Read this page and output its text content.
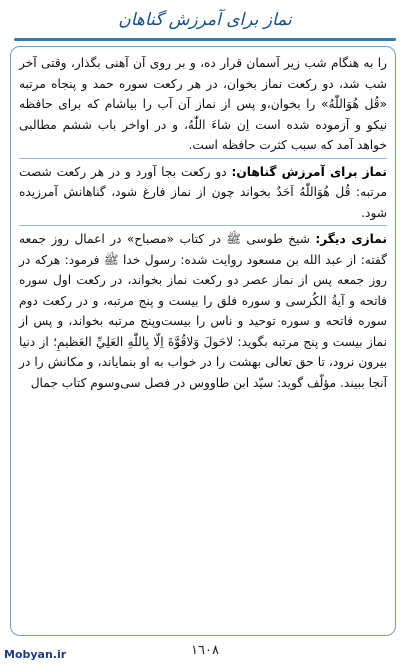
نماز برای آمرزش گناهان

را به هنگام شب زیر آسمان قرار ده، و بر روی آن آهنی بگذار، وقتی آخر شب شد، دو رکعت نماز بخوان، در هر رکعت سوره حمد و پنجاه مرتبه «قُل هُوَاللّٰهُ» را بخوان،و پس از نماز آن آب را بیاشام که برای حافظه نیکو و آزموده شده است اِن شاءَ اللّٰهُ، و در اواخر باب ششم مطالبی خواهد آمد که سبب کثرت حافظه است.

نماز برای آمرزش گناهان: دو رکعت بجا آورد و در هر رکعت شصت مرتبه: قُل هُوَاللّٰهُ اَحَدٌ بخواند چون از نماز فارغ شود، گناهانش آمرزیده شود.

نمازی دیگر: شیخ طوسی ﷺ در کتاب «مصباح» در اعمال روز جمعه گفته: از عبد الله بن مسعود روایت شده: رسول خدا ﷺ فرمود: هرکه در روز جمعه پس از نماز عصر دو رکعت نماز بخواند، در رکعت اول سوره فاتحه و آیةُ الکُرسی و سوره فلق را بیست و پنج مرتبه، و در رکعت دوم سوره فاتحه و سوره توحید و ناس را بیست‌وپنج مرتبه بخواند، و پس از نماز بیست و پنج مرتبه بگوید: لاحَولَ وَلاقُوَّةَ اِلّا بِاللّٰهِ العَلِيِّ العَظیمِ؛ از دنیا بیرون نرود، تا حق تعالی بهشت را در خواب به او بنمایاند، و مکانش را در آنجا ببیند. مؤلّف گوید: سیّد ابن طاووس در فصل سی‌وسوم کتاب جمال

١٦٠٨
Mobyan.ir
